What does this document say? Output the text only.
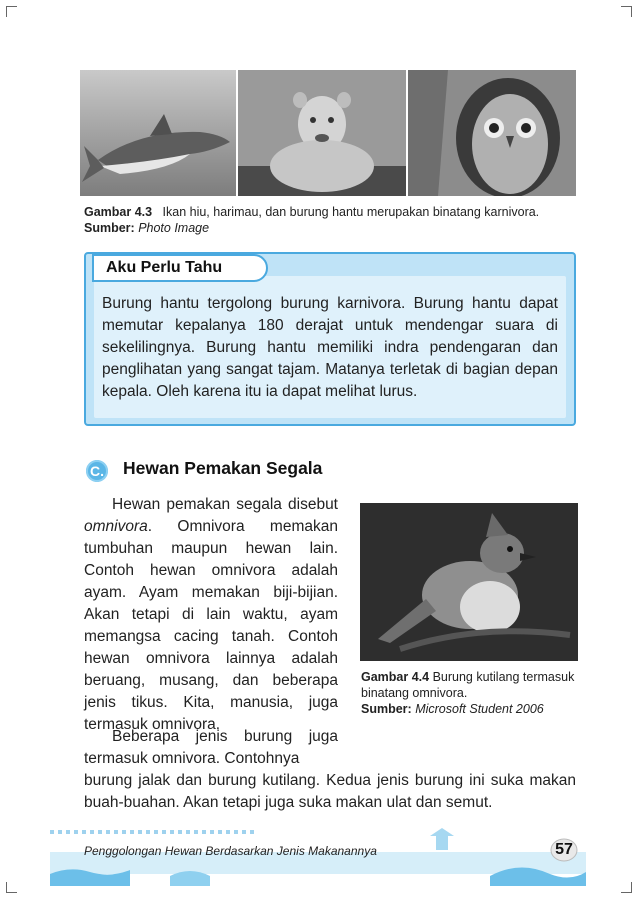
Gambar 4.3 Ikan hiu, harimau, dan burung hantu merupakan binatang karnivora.
Sumber: Photo Image
Aku Perlu Tahu
Burung hantu tergolong burung karnivora. Burung hantu dapat memutar kepalanya 180 derajat untuk mendengar suara di sekelilingnya. Burung hantu memiliki indra pendengaran dan penglihatan yang sangat tajam. Matanya terletak di bagian depan kepala. Oleh karena itu ia dapat melihat lurus.
C. Hewan Pemakan Segala
Hewan pemakan segala disebut omnivora. Omnivora memakan tumbuhan maupun hewan lain. Contoh hewan omnivora adalah ayam. Ayam memakan biji-bijian. Akan tetapi di lain waktu, ayam memangsa cacing tanah. Contoh hewan omnivora lainnya adalah beruang, musang, dan beberapa jenis tikus. Kita, manusia, juga termasuk omnivora.
Beberapa jenis burung juga termasuk omnivora. Contohnya
burung jalak dan burung kutilang. Kedua jenis burung ini suka makan buah-buahan. Akan tetapi juga suka makan ulat dan semut.
Gambar 4.4 Burung kutilang termasuk binatang omnivora.
Sumber: Microsoft Student 2006
Penggolongan Hewan Berdasarkan Jenis Makanannya	57
